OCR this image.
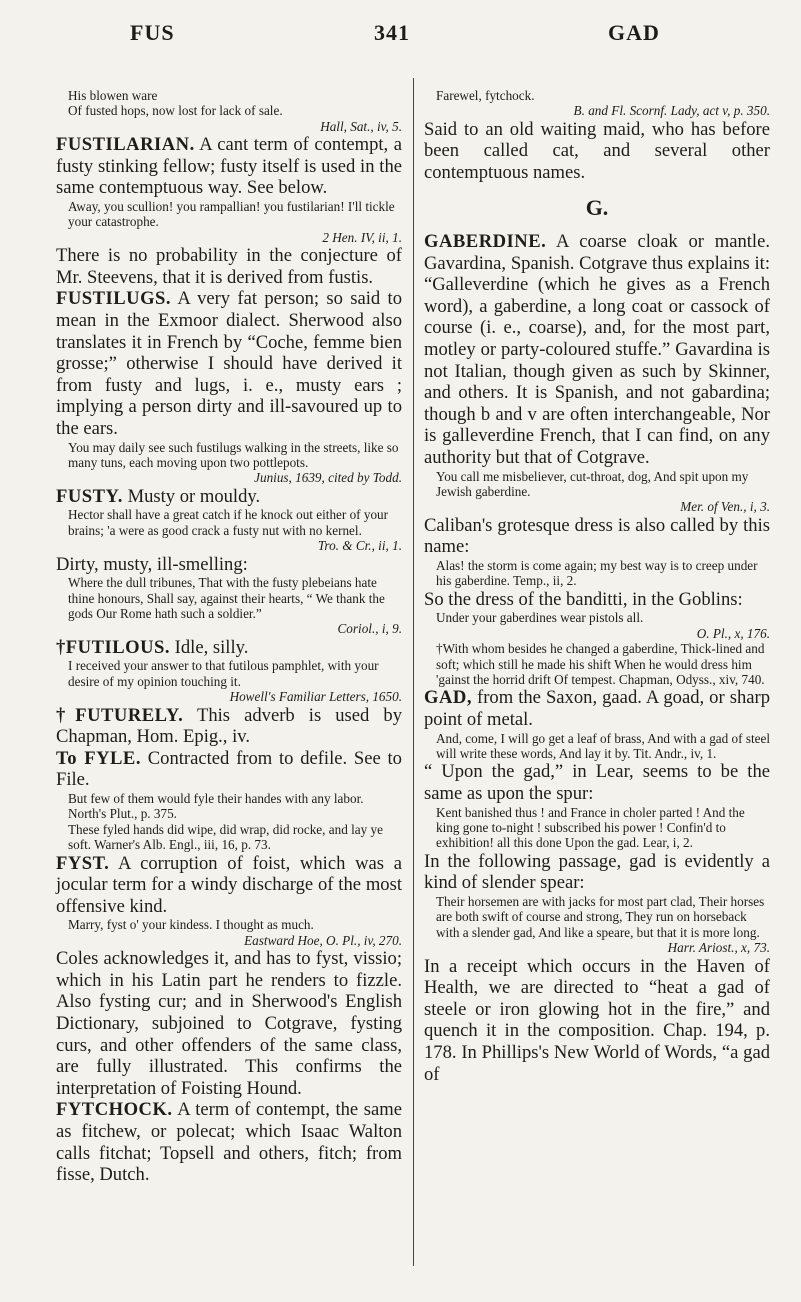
FUS	341	GAD

His blowen ware

Of fusted hops, now lost for lack of sale.

Hall, Sat., iv, 5.

FUSTILARIAN. A cant term of contempt, a fusty stinking fellow; fusty itself is used in the same contemptuous way. See below.

Away, you scullion! you rampallian! you fustilarian! I'll tickle your catastrophe.

2 Hen. IV, ii, 1.

There is no probability in the conjecture of Mr. Steevens, that it is derived from fustis.

FUSTILUGS. A very fat person; so said to mean in the Exmoor dialect. Sherwood also translates it in French by “Coche, femme bien grosse;” otherwise I should have derived it from fusty and lugs, i. e., musty ears ; implying a person dirty and ill-savoured up to the ears.

You may daily see such fustilugs walking in the streets, like so many tuns, each moving upon two pottlepots.

Junius, 1639, cited by Todd.

FUSTY. Musty or mouldy.

Hector shall have a great catch if he knock out either of your brains; 'a were as good crack a fusty nut with no kernel.

Tro. & Cr., ii, 1.

Dirty, musty, ill-smelling:

Where the dull tribunes, That with the fusty plebeians hate thine honours, Shall say, against their hearts, “ We thank the gods Our Rome hath such a soldier.”

Coriol., i, 9.

†FUTILOUS. Idle, silly.

I received your answer to that futilous pamphlet, with your desire of my opinion touching it.

Howell's Familiar Letters, 1650.

†FUTURELY. This adverb is used by Chapman, Hom. Epig., iv.

To FYLE. Contracted from to defile. See to File.

But few of them would fyle their handes with any labor. North's Plut., p. 375.

These fyled hands did wipe, did wrap, did rocke, and lay ye soft. Warner's Alb. Engl., iii, 16, p. 73.

FYST. A corruption of foist, which was a jocular term for a windy discharge of the most offensive kind.

Marry, fyst o' your kindess. I thought as much.

Eastward Hoe, O. Pl., iv, 270.

Coles acknowledges it, and has to fyst, vissio; which in his Latin part he renders to fizzle. Also fysting cur; and in Sherwood's English Dictionary, subjoined to Cotgrave, fysting curs, and other offenders of the same class, are fully illustrated. This confirms the interpretation of Foisting Hound.

FYTCHOCK. A term of contempt, the same as fitchew, or polecat; which Isaac Walton calls fitchat; Topsell and others, fitch; from fisse, Dutch.

Farewel, fytchock.

B. and Fl. Scornf. Lady, act v, p. 350.

Said to an old waiting maid, who has before been called cat, and several other contemptuous names.

G.

GABERDINE. A coarse cloak or mantle. Gavardina, Spanish. Cotgrave thus explains it: “Galleverdine (which he gives as a French word), a gaberdine, a long coat or cassock of course (i. e., coarse), and, for the most part, motley or party-coloured stuffe.” Gavardina is not Italian, though given as such by Skinner, and others. It is Spanish, and not gabardina; though b and v are often interchangeable, Nor is galleverdine French, that I can find, on any authority but that of Cotgrave.

You call me misbeliever, cut-throat, dog, And spit upon my Jewish gaberdine.

Mer. of Ven., i, 3.

Caliban's grotesque dress is also called by this name:

Alas! the storm is come again; my best way is to creep under his gaberdine. Temp., ii, 2.

So the dress of the banditti, in the Goblins:

Under your gaberdines wear pistols all.

O. Pl., x, 176.

†With whom besides he changed a gaberdine, Thick-lined and soft; which still he made his shift When he would dress him 'gainst the horrid drift Of tempest. Chapman, Odyss., xiv, 740.

GAD, from the Saxon, gaad. A goad, or sharp point of metal.

And, come, I will go get a leaf of brass, And with a gad of steel will write these words, And lay it by. Tit. Andr., iv, 1.

“ Upon the gad,” in Lear, seems to be the same as upon the spur:

Kent banished thus ! and France in choler parted ! And the king gone to-night ! subscribed his power ! Confin'd to exhibition! all this done Upon the gad. Lear, i, 2.

In the following passage, gad is evidently a kind of slender spear:

Their horsemen are with jacks for most part clad, Their horses are both swift of course and strong, They run on horseback with a slender gad, And like a speare, but that it is more long.

Harr. Ariost., x, 73.

In a receipt which occurs in the Haven of Health, we are directed to “heat a gad of steele or iron glowing hot in the fire,” and quench it in the composition. Chap. 194, p. 178. In Phillips's New World of Words, “a gad of
